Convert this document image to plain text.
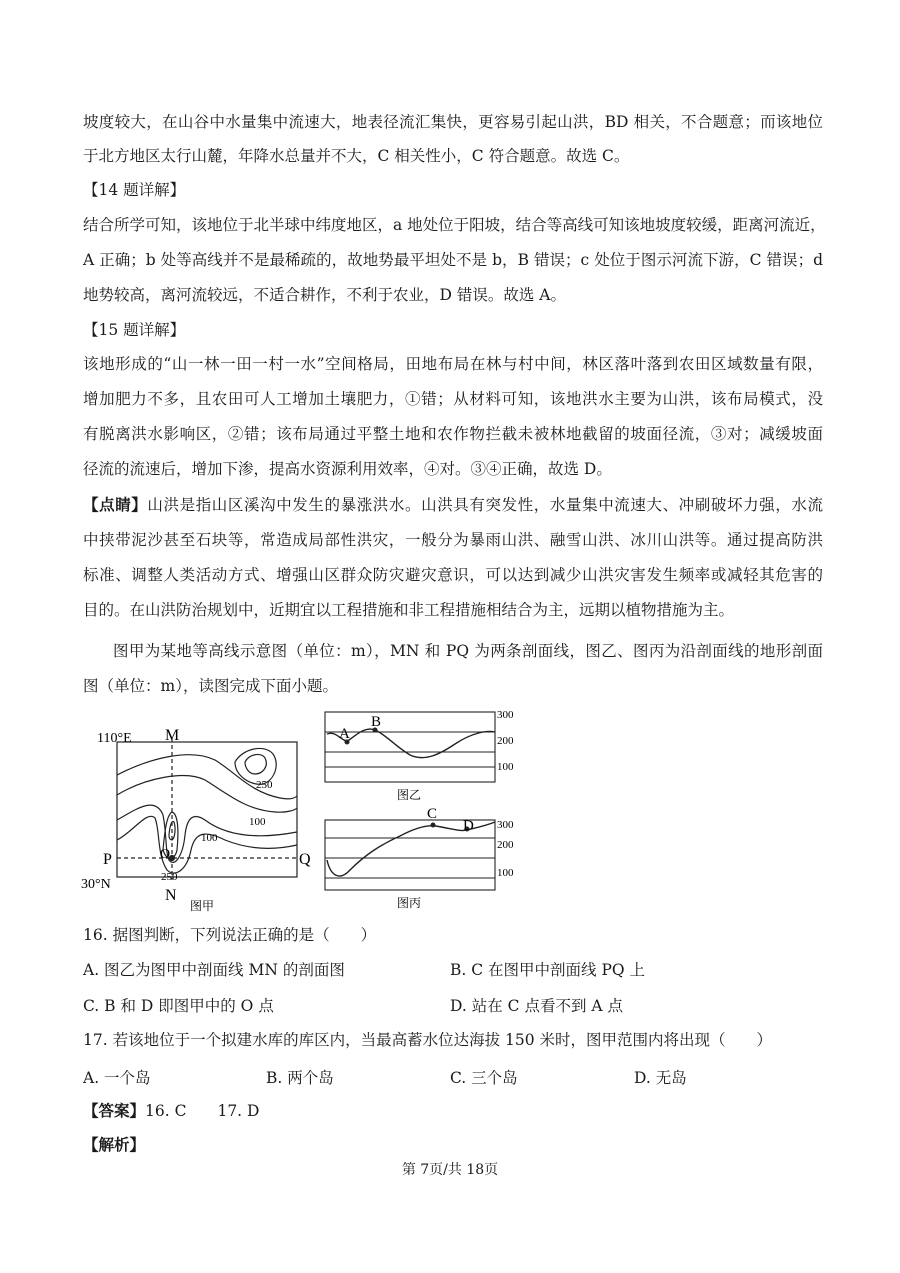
坡度较大，在山谷中水量集中流速大，地表径流汇集快，更容易引起山洪，BD 相关，不合题意；而该地位
于北方地区太行山麓，年降水总量并不大，C 相关性小，C 符合题意。故选 C。
【14 题详解】
结合所学可知，该地位于北半球中纬度地区，a 地处位于阳坡，结合等高线可知该地坡度较缓，距离河流近，
A 正确；b 处等高线并不是最稀疏的，故地势最平坦处不是 b，B 错误；c 处位于图示河流下游，C 错误；d
地势较高，离河流较远，不适合耕作，不利于农业，D 错误。故选 A。
【15 题详解】
该地形成的“山一林一田一村一水”空间格局，田地布局在林与村中间，林区落叶落到农田区域数量有限，
增加肥力不多，且农田可人工增加土壤肥力，①错；从材料可知，该地洪水主要为山洪，该布局模式，没
有脱离洪水影响区，②错；该布局通过平整土地和农作物拦截未被林地截留的坡面径流，③对；减缓坡面
径流的流速后，增加下渗，提高水资源利用效率，④对。③④正确，故选 D。
【点睛】山洪是指山区溪沟中发生的暴涨洪水。山洪具有突发性，水量集中流速大、冲刷破坏力强，水流
中挟带泥沙甚至石块等，常造成局部性洪灾，一般分为暴雨山洪、融雪山洪、冰川山洪等。通过提高防洪
标准、调整人类活动方式、增强山区群众防灾避灾意识，可以达到减少山洪灾害发生频率或减轻其危害的
目的。在山洪防治规划中，近期宜以工程措施和非工程措施相结合为主，远期以植物措施为主。
图甲为某地等高线示意图（单位：m），MN 和 PQ 为两条剖面线，图乙、图丙为沿剖面线的地形剖面
图（单位：m），读图完成下面小题。
110°E M
N
P	Q
O
30°N
250
100
100
250
图甲
A
B	300
200
100
图乙
C
D 300
200
100
图丙
16. 据图判断，下列说法正确的是（　　）
A. 图乙为图甲中剖面线 MN 的剖面图	B. C 在图甲中剖面线 PQ 上
C. B 和 D 即图甲中的 O 点	D. 站在 C 点看不到 A 点
17. 若该地位于一个拟建水库的库区内，当最高蓄水位达海拔 150 米时，图甲范围内将出现（　　）
A. 一个岛	B. 两个岛	C. 三个岛	D. 无岛
【答案】16. C　　17. D
【解析】
第 7页/共 18页
